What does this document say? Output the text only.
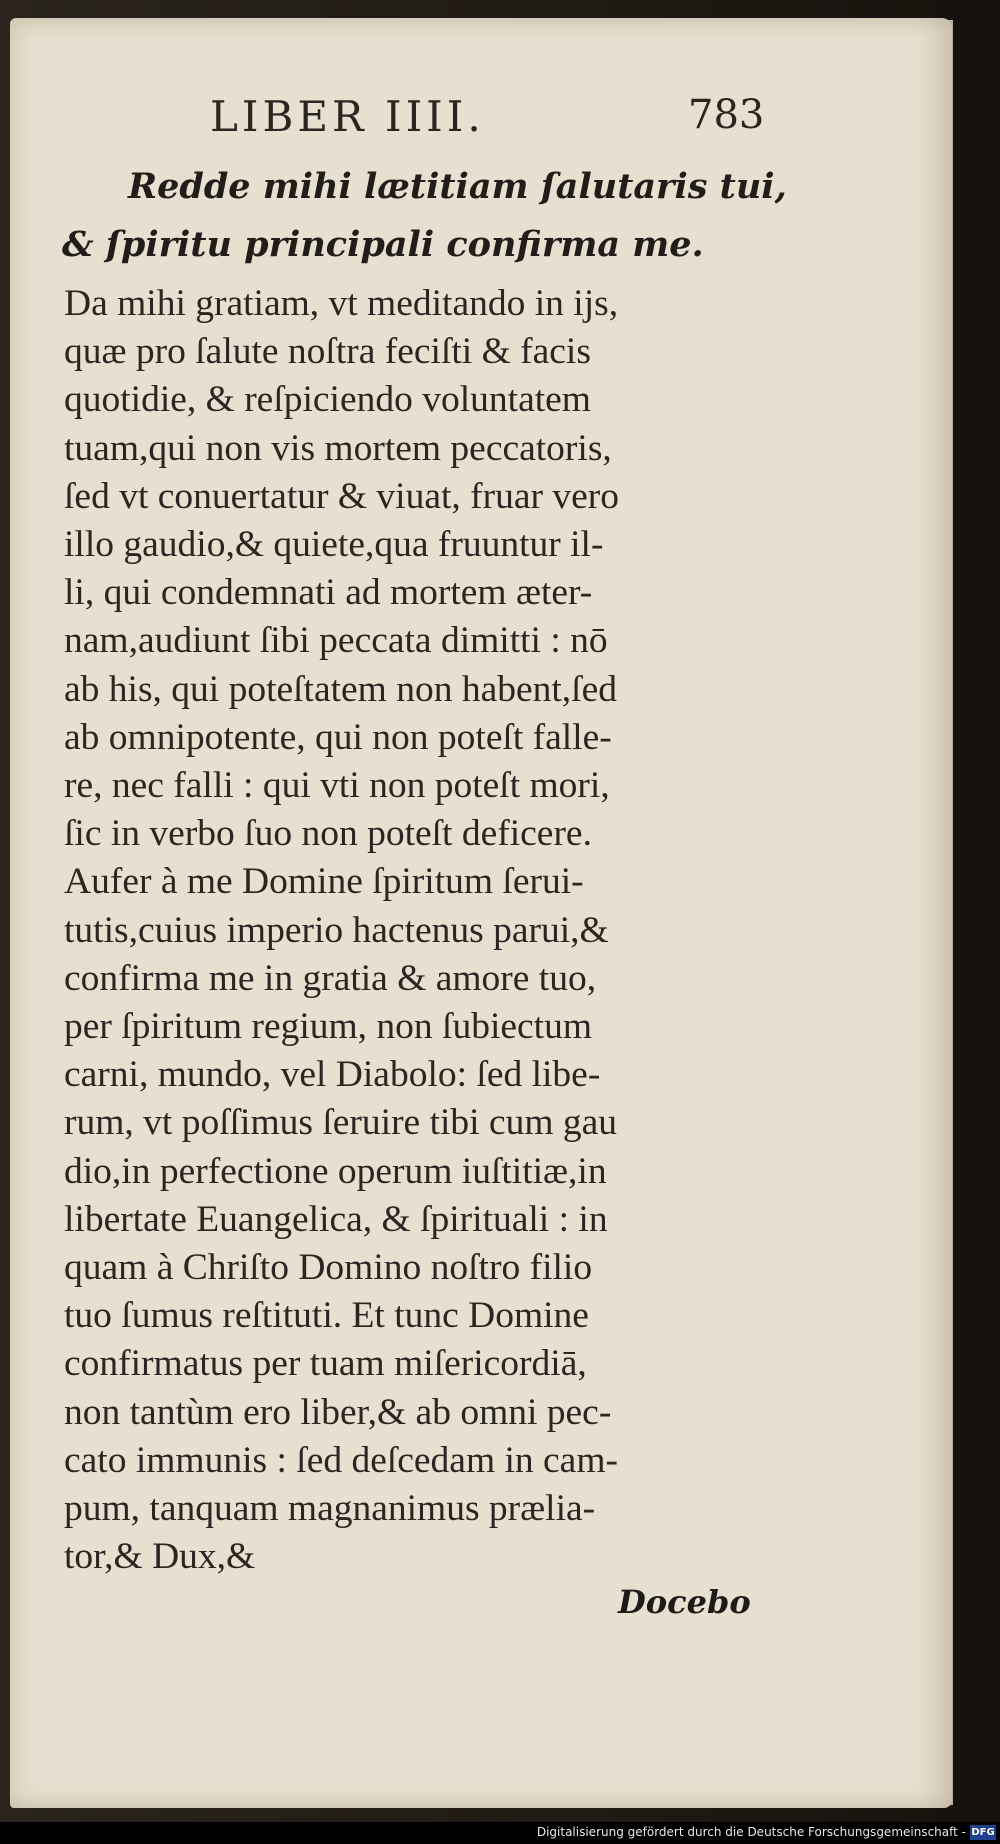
LIBER IIII.	783
Redde mihi lætitiam ſalutaris tui,
& ſpiritu principali confirma me.
Da mihi gratiam, vt meditando in ijs,
quæ pro ſalute noſtra feciſti & facis
quotidie, & reſpiciendo voluntatem
tuam,qui non vis mortem peccatoris,
ſed vt conuertatur & viuat, fruar vero
illo gaudio,& quiete,qua fruuntur il-
li, qui condemnati ad mortem æter-
nam,audiunt ſibi peccata dimitti : nō
ab his, qui poteſtatem non habent,ſed
ab omnipotente, qui non poteſt falle-
re, nec falli : qui vti non poteſt mori,
ſic in verbo ſuo non poteſt deficere.
Aufer à me Domine ſpiritum ſerui-
tutis,cuius imperio hactenus parui,&
confirma me in gratia & amore tuo,
per ſpiritum regium, non ſubiectum
carni, mundo, vel Diabolo: ſed libe-
rum, vt poſſimus ſeruire tibi cum gau
dio,in perfectione operum iuſtitiæ,in
libertate Euangelica, & ſpirituali : in
quam à Chriſto Domino noſtro filio
tuo ſumus reſtituti. Et tunc Domine
confirmatus per tuam miſericordiā,
non tantùm ero liber,& ab omni pec-
cato immunis : ſed deſcedam in cam-
pum, tanquam magnanimus prælia-
tor,& Dux,&
Docebo
Digitalisierung gefördert durch die Deutsche Forschungsgemeinschaft - DFG
